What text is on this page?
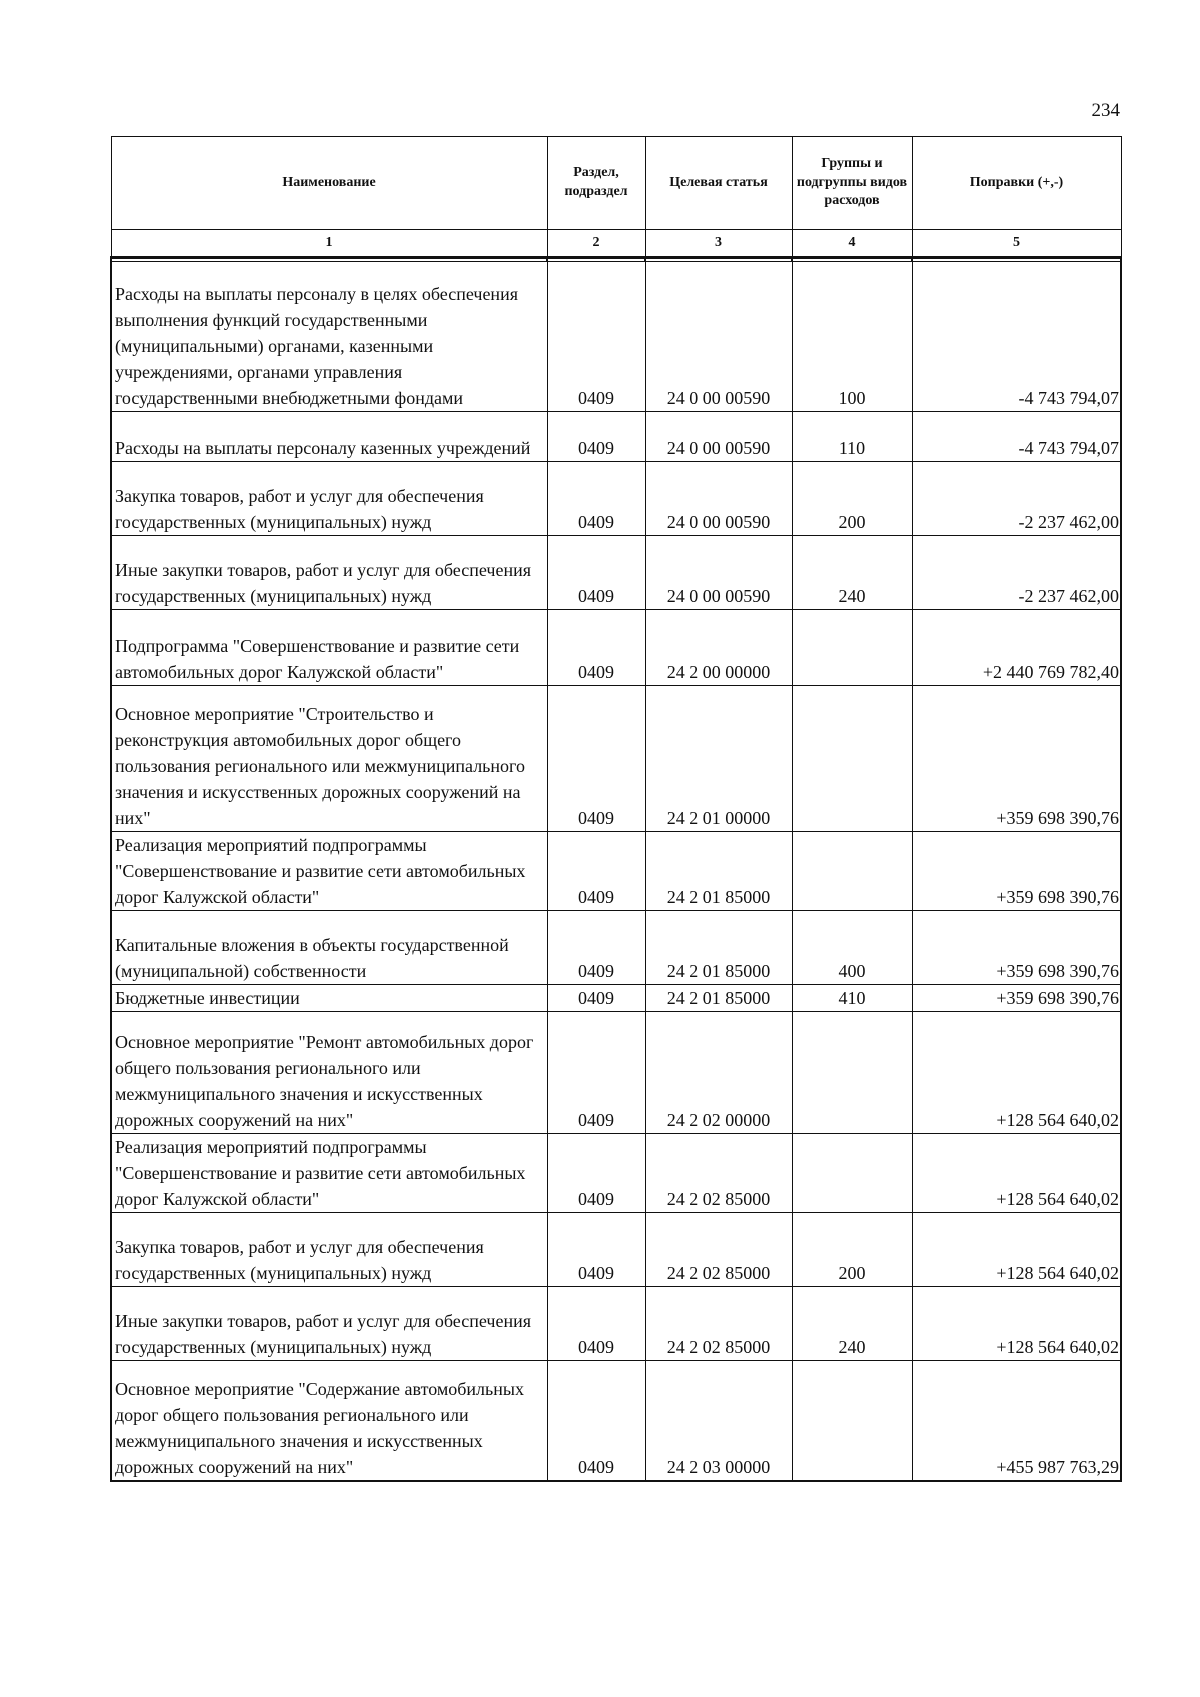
234
Наименование	Раздел, подраздел	Целевая статья	Группы и подгруппы видов расходов	Поправки (+,-)
1	2	3	4	5

Расходы на выплаты персоналу в целях обеспечения выполнения функций государственными (муниципальными) органами, казенными учреждениями, органами управления государственными внебюджетными фондами	0409	24 0 00 00590	100	-4 743 794,07
Расходы на выплаты персоналу казенных учреждений	0409	24 0 00 00590	110	-4 743 794,07
Закупка товаров, работ и услуг для обеспечения государственных (муниципальных) нужд	0409	24 0 00 00590	200	-2 237 462,00
Иные закупки товаров, работ и услуг для обеспечения государственных (муниципальных) нужд	0409	24 0 00 00590	240	-2 237 462,00
Подпрограмма "Совершенствование и развитие сети автомобильных дорог Калужской области"	0409	24 2 00 00000		+2 440 769 782,40
Основное мероприятие "Строительство и реконструкция автомобильных дорог общего пользования регионального или межмуниципального значения и искусственных дорожных сооружений на них"	0409	24 2 01 00000		+359 698 390,76
Реализация мероприятий подпрограммы "Совершенствование и развитие сети автомобильных дорог Калужской области"	0409	24 2 01 85000		+359 698 390,76
Капитальные вложения в объекты государственной (муниципальной) собственности	0409	24 2 01 85000	400	+359 698 390,76
Бюджетные инвестиции	0409	24 2 01 85000	410	+359 698 390,76
Основное мероприятие "Ремонт автомобильных дорог общего пользования регионального или межмуниципального значения и искусственных дорожных сооружений на них"	0409	24 2 02 00000		+128 564 640,02
Реализация мероприятий подпрограммы "Совершенствование и развитие сети автомобильных дорог Калужской области"	0409	24 2 02 85000		+128 564 640,02
Закупка товаров, работ и услуг для обеспечения государственных (муниципальных) нужд	0409	24 2 02 85000	200	+128 564 640,02
Иные закупки товаров, работ и услуг для обеспечения государственных (муниципальных) нужд	0409	24 2 02 85000	240	+128 564 640,02
Основное мероприятие "Содержание автомобильных дорог общего пользования регионального или межмуниципального значения и искусственных дорожных сооружений на них"	0409	24 2 03 00000		+455 987 763,29
